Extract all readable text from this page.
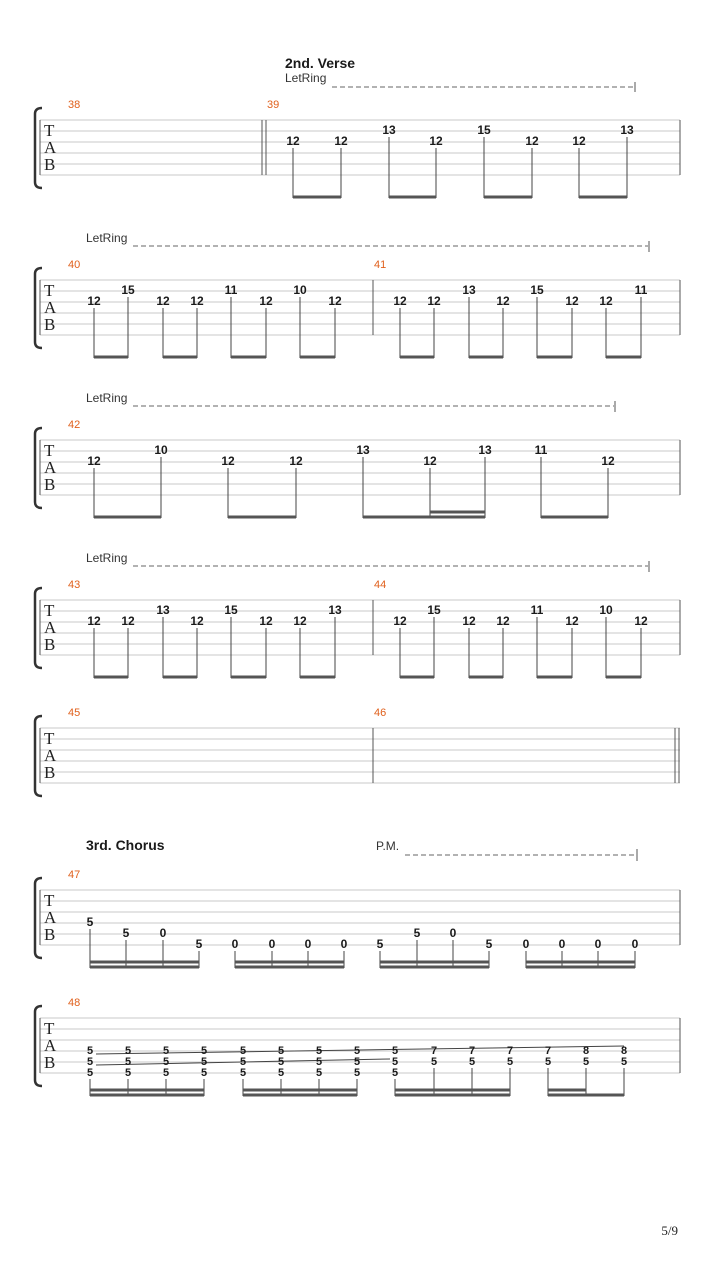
2nd. Verse
LetRing
T
A
B
38	39
12	12
13
12
15
12	12
13
LetRing
T
A
B
40	41
12
15
12 12
11
12
10
12	12 12
13
12
15
12 12
11
LetRing
T
A
B
42
12
10
12	12
13
12
13	11
12
LetRing
T
A
B
43	44
12 12
13
12
15
12 12
13
12
15
12 12
11
12
10
12
T
A
B
45	46
3rd. Chorus	P.M.
T
A
B
47
5
5	0
5 0	0 0 0 5
5 0
5	0 0 0	0
T
A
B
48
5
5
5
5
5
5
5
5
5
5
5
5
5
5
5
5
5
5
5
5
5
5
5
5
5
5
5
7
5
7
5
7
5
7
5
8
5
8
5
5/9
